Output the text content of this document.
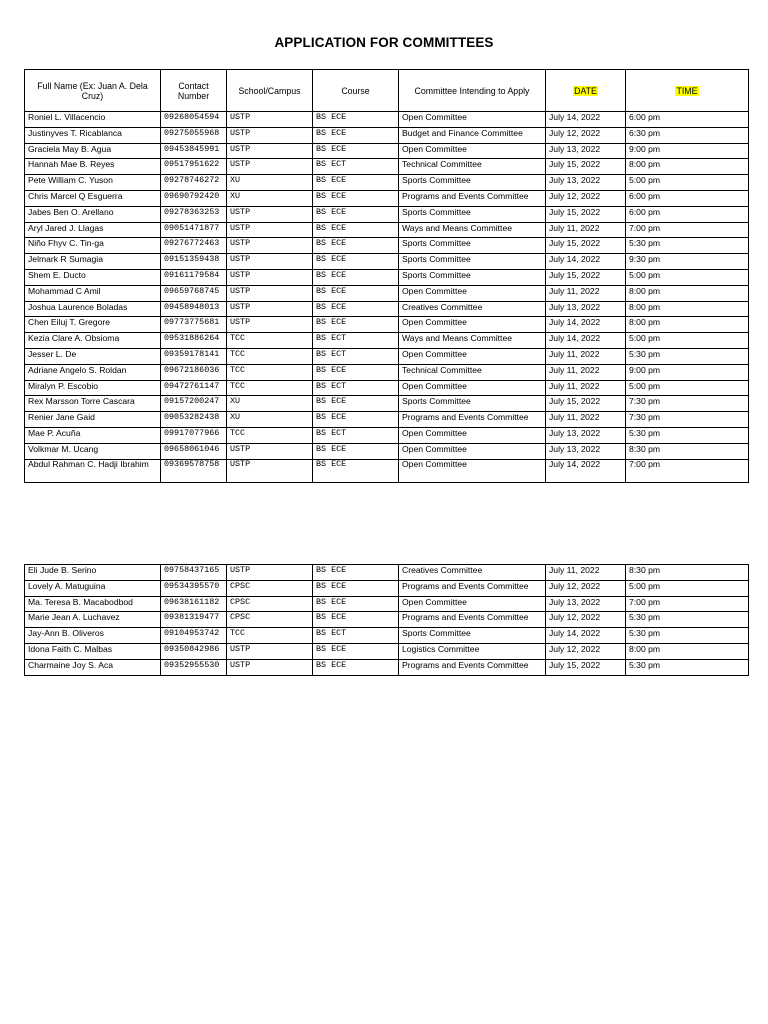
APPLICATION FOR COMMITTEES
Full Name (Ex: Juan A. Dela Cruz)	Contact Number	School/Campus	Course	Committee Intending to Apply	DATE	TIME
Roniel L. Villacencio	09268054594	USTP	BS ECE	Open Committee	July 14, 2022	6:00 pm
Justinyves T. Ricablanca	09275055968	USTP	BS ECE	Budget and Finance Committee	July 12, 2022	6:30 pm
Graciela May B. Agua	09453845991	USTP	BS ECE	Open Committee	July 13, 2022	9:00 pm
Hannah Mae B. Reyes	09517951622	USTP	BS ECT	Technical Committee	July 15, 2022	8:00 pm
Pete William C. Yuson	09278746272	XU	BS ECE	Sports Committee	July 13, 2022	5:00 pm
Chris Marcel Q Esguerra	09690792420	XU	BS ECE	Programs and Events Committee	July 12, 2022	6:00 pm
Jabes Ben O. Arellano	09278363253	USTP	BS ECE	Sports Committee	July 15, 2022	6:00 pm
Aryl Jared J. Llagas	09051471877	USTP	BS ECE	Ways and Means Committee	July 11, 2022	7:00 pm
Niño Fhyv C. Tin-ga	09276772463	USTP	BS ECE	Sports Committee	July 15, 2022	5:30 pm
Jelmark R Sumagia	09151359438	USTP	BS ECE	Sports Committee	July 14, 2022	9:30 pm
Shem E. Ducto	09161179584	USTP	BS ECE	Sports Committee	July 15, 2022	5:00 pm
Mohammad C Amil	09659768745	USTP	BS ECE	Open Committee	July 11, 2022	8:00 pm
Joshua Laurence Boladas	09458948013	USTP	BS ECE	Creatives Committee	July 13, 2022	8:00 pm
Chen Eiluj T. Gregore	09773775681	USTP	BS ECE	Open Committee	July 14, 2022	8:00 pm
Kezia Clare A. Obsioma	09531886264	TCC	BS ECT	Ways and Means Committee	July 14, 2022	5:00 pm
Jesser L. De	09359178141	TCC	BS ECT	Open Committee	July 11, 2022	5:30 pm
Adriane Angelo S. Roldan	09672186036	TCC	BS ECE	Technical Committee	July 11, 2022	9:00 pm
Miralyn P. Escobio	09472761147	TCC	BS ECT	Open Committee	July 11, 2022	5:00 pm
Rex Marsson Torre Cascara	09157200247	XU	BS ECE	Sports Committee	July 15, 2022	7:30 pm
Renier Jane Gaid	09053282438	XU	BS ECE	Programs and Events Committee	July 11, 2022	7:30 pm
Mae P. Acuña	09917077966	TCC	BS ECT	Open Committee	July 13, 2022	5:30 pm
Volkmar M. Ucang	09658061046	USTP	BS ECE	Open Committee	July 13, 2022	8:30 pm
Abdul Rahman C. Hadji Ibrahim	09369578758	USTP	BS ECE	Open Committee	July 14, 2022	7:00 pm
Eli Jude B. Serino	09758437165	USTP	BS ECE	Creatives Committee	July 11, 2022	8:30 pm
Lovely A. Matuguina	09534395570	CPSC	BS ECE	Programs and Events Committee	July 12, 2022	5:00 pm
Ma. Teresa B. Macabodbod	09638161182	CPSC	BS ECE	Open Committee	July 13, 2022	7:00 pm
Marie Jean A. Luchavez	09381319477	CPSC	BS ECE	Programs and Events Committee	July 12, 2022	5:30 pm
Jay-Ann B. Oliveros	09104953742	TCC	BS ECT	Sports Committee	July 14, 2022	5:30 pm
Idona Faith C. Malbas	09350842986	USTP	BS ECE	Logistics Committee	July 12, 2022	8:00 pm
Charmaine Joy S. Aca	09352955530	USTP	BS ECE	Programs and Events Committee	July 15, 2022	5:30 pm
